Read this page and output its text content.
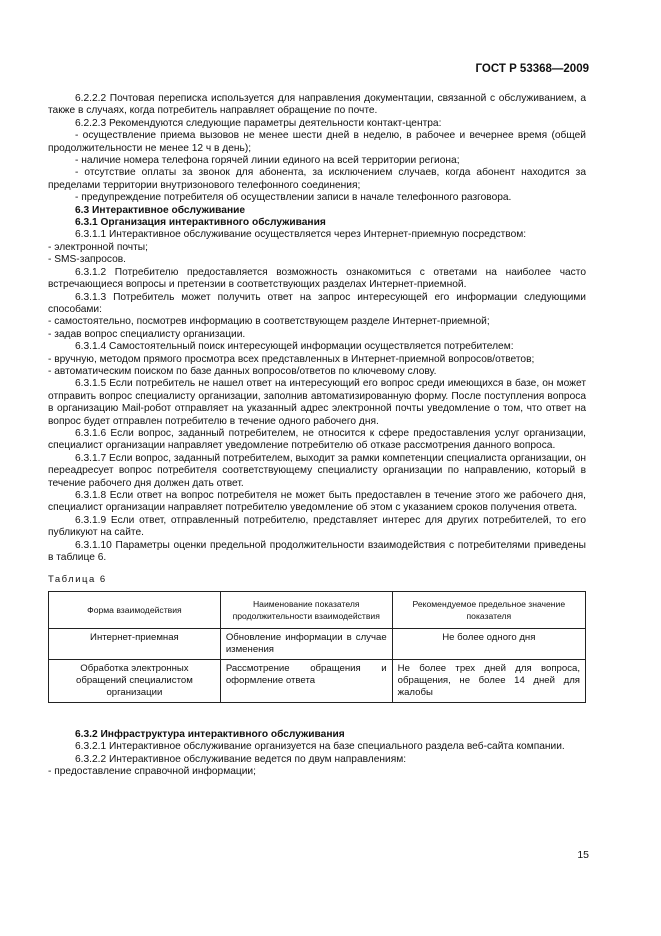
ГОСТ Р 53368—2009

6.2.2.2 Почтовая переписка используется для направления документации, связанной с обслуживанием, а также в случаях, когда потребитель направляет обращение по почте.

6.2.2.3 Рекомендуются следующие параметры деятельности контакт-центра:

- осуществление приема вызовов не менее шести дней в неделю, в рабочее и вечернее время (общей продолжительности не менее 12 ч в день);

- наличие номера телефона горячей линии единого на всей территории региона;

- отсутствие оплаты за звонок для абонента, за исключением случаев, когда абонент находится за пределами территории внутризонового телефонного соединения;

- предупреждение потребителя об осуществлении записи в начале телефонного разговора.

6.3 Интерактивное обслуживание

6.3.1 Организация интерактивного обслуживания

6.3.1.1 Интерактивное обслуживание осуществляется через Интернет-приемную посредством:

- электронной почты;

- SMS-запросов.

6.3.1.2 Потребителю предоставляется возможность ознакомиться с ответами на наиболее часто встречающиеся вопросы и претензии в соответствующих разделах Интернет-приемной.

6.3.1.3 Потребитель может получить ответ на запрос интересующей его информации следующими способами:

- самостоятельно, посмотрев информацию в соответствующем разделе Интернет-приемной;

- задав вопрос специалисту организации.

6.3.1.4 Самостоятельный поиск интересующей информации осуществляется потребителем:

- вручную, методом прямого просмотра всех представленных в Интернет-приемной вопросов/ответов;

- автоматическим поиском по базе данных вопросов/ответов по ключевому слову.

6.3.1.5 Если потребитель не нашел ответ на интересующий его вопрос среди имеющихся в базе, он может отправить вопрос специалисту организации, заполнив автоматизированную форму. После поступления вопроса в организацию Mail-робот отправляет на указанный адрес электронной почты уведомление о том, что ответ на вопрос будет отправлен потребителю в течение одного рабочего дня.

6.3.1.6 Если вопрос, заданный потребителем, не относится к сфере предоставления услуг организации, специалист организации направляет уведомление потребителю об отказе рассмотрения данного вопроса.

6.3.1.7 Если вопрос, заданный потребителем, выходит за рамки компетенции специалиста организации, он переадресует вопрос потребителя соответствующему специалисту организации по направлению, который в течение рабочего дня должен дать ответ.

6.3.1.8 Если ответ на вопрос потребителя не может быть предоставлен в течение этого же рабочего дня, специалист организации направляет потребителю уведомление об этом с указанием сроков получения ответа.

6.3.1.9 Если ответ, отправленный потребителю, представляет интерес для других потребителей, то его публикуют на сайте.

6.3.1.10 Параметры оценки предельной продолжительности взаимодействия с потребителями приведены в таблице 6.

Таблица 6

Форма взаимодействия	Наименование показателя продолжительности взаимодействия	Рекомендуемое предельное значение показателя
Интернет-приемная	Обновление информации в случае изменения	Не более одного дня
Обработка электронных обращений специалистом организации	Рассмотрение обращения и оформление ответа	Не более трех дней для вопроса, обращения, не более 14 дней для жалобы

6.3.2 Инфраструктура интерактивного обслуживания

6.3.2.1 Интерактивное обслуживание организуется на базе специального раздела веб-сайта компании.

6.3.2.2 Интерактивное обслуживание ведется по двум направлениям:

- предоставление справочной информации;

15
